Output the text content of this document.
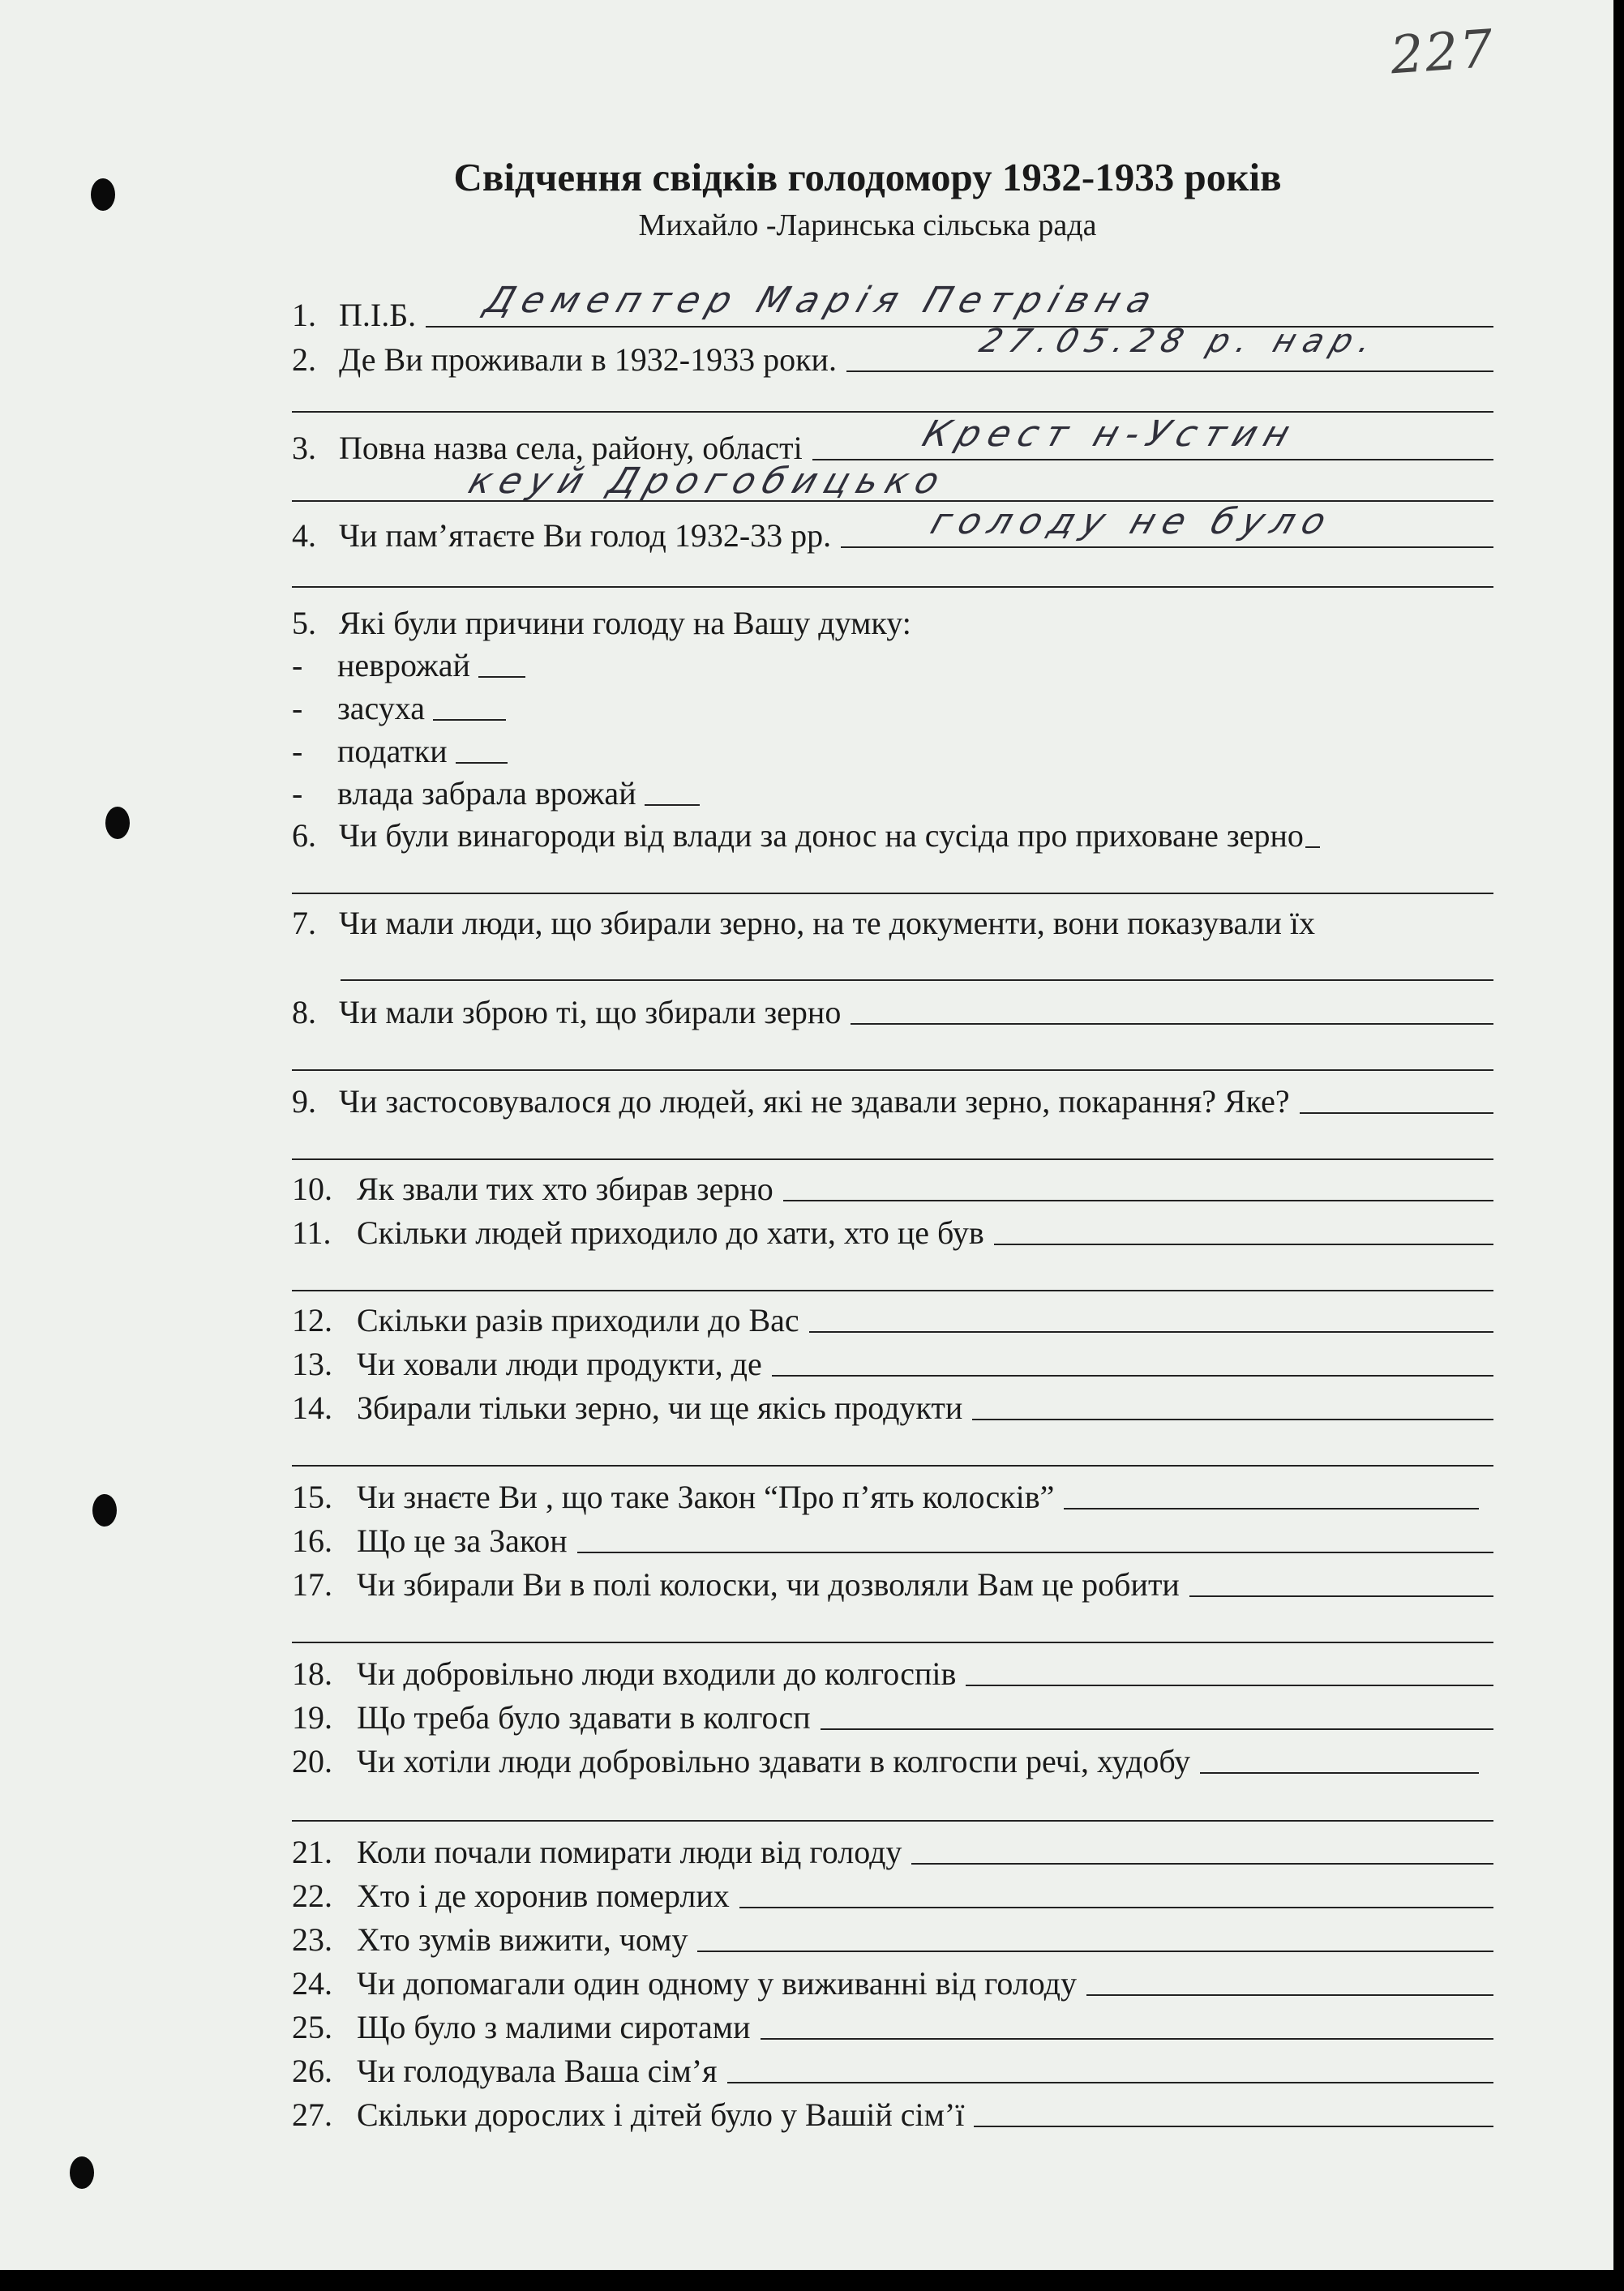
227
Свідчення свідків голодомору 1932-1933 років
Михайло -Ларинська сільська рада
1. П.І.Б. Демептер Марія Петрівна
2. Де Ви проживали в 1932-1933 роки.	27.05.28 р. нар.
3. Повна назва села, району, області	Крест н-Устин
кеуй Дрогобицько
4. Чи пам’ятаєте Ви голод 1932-33 рр.	голоду не було
5. Які були причини голоду на Вашу думку:
-	неврожай
-	засуха
-	податки
-	влада забрала врожай
6. Чи були винагороди від влади за донос на сусіда про приховане зерно
7. Чи мали люди, що збирали зерно, на те документи, вони показували їх
8. Чи мали зброю ті, що збирали зерно
9. Чи застосовувалося до людей, які не здавали зерно, покарання? Яке?
10. Як звали тих хто збирав зерно
11. Скільки людей приходило до хати, хто це був
12. Скільки разів приходили до Вас
13. Чи ховали люди продукти, де
14. Збирали тільки зерно, чи ще якісь продукти
15. Чи знаєте Ви , що таке Закон “Про п’ять колосків”
16. Що це за Закон
17. Чи збирали Ви в полі колоски, чи дозволяли Вам це робити
18. Чи добровільно люди входили до колгоспів
19. Що треба було здавати в колгосп
20. Чи хотіли люди добровільно здавати в колгоспи речі, худобу
21. Коли почали помирати люди від голоду
22. Хто і де хоронив померлих
23. Хто зумів вижити, чому
24. Чи допомагали один одному у виживанні від голоду
25. Що було з малими сиротами
26. Чи голодувала Ваша сім’я
27. Скільки дорослих і дітей було у Вашій сім’ї
